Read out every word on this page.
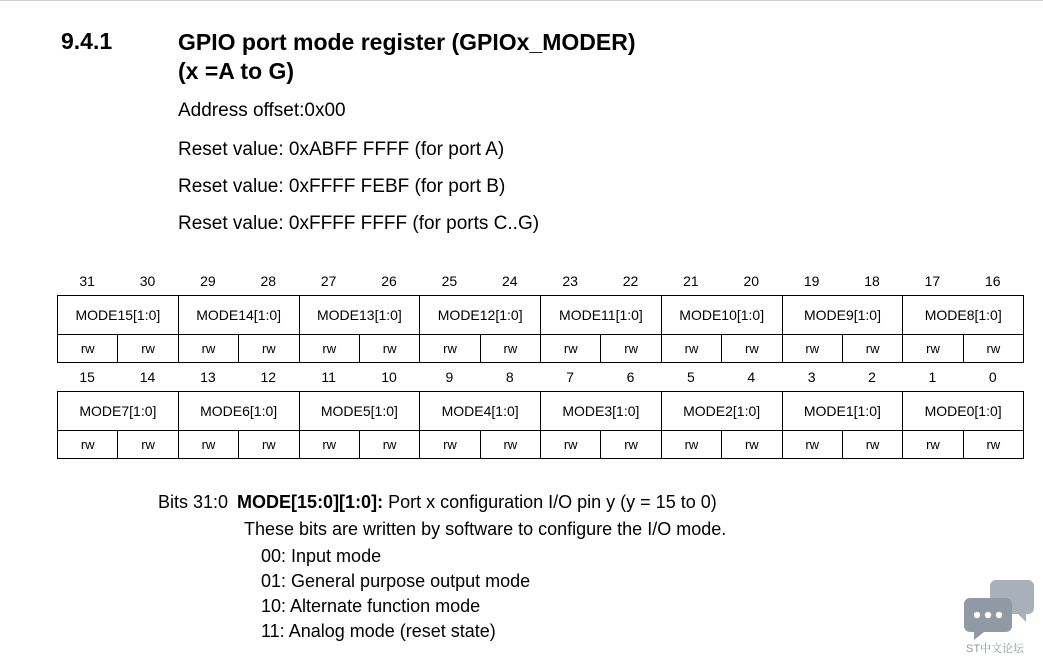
9.4.1	GPIO port mode register (GPIOx_MODER)
(x =A to G)
Address offset:0x00
Reset value: 0xABFF FFFF (for port A)
Reset value: 0xFFFF FEBF (for port B)
Reset value: 0xFFFF FFFF (for ports C..G)
31	30	29	28	27	26	25	24	23	22	21	20	19	18	17	16
MODE15[1:0]		MODE14[1:0]		MODE13[1:0]		MODE12[1:0]		MODE11[1:0]		MODE10[1:0]		MODE9[1:0]		MODE8[1:0]	
rw	rw	rw	rw	rw	rw	rw	rw	rw	rw	rw	rw	rw	rw	rw	rw
15	14	13	12	11	10	9	8	7	6	5	4	3	2	1	0
MODE7[1:0]		MODE6[1:0]		MODE5[1:0]		MODE4[1:0]		MODE3[1:0]		MODE2[1:0]		MODE1[1:0]		MODE0[1:0]	
rw	rw	rw	rw	rw	rw	rw	rw	rw	rw	rw	rw	rw	rw	rw	rw
Bits 31:0 MODE[15:0][1:0]: Port x configuration I/O pin y (y = 15 to 0)
These bits are written by software to configure the I/O mode.
00: Input mode
01: General purpose output mode
10: Alternate function mode
11: Analog mode (reset state)
ST中文论坛
